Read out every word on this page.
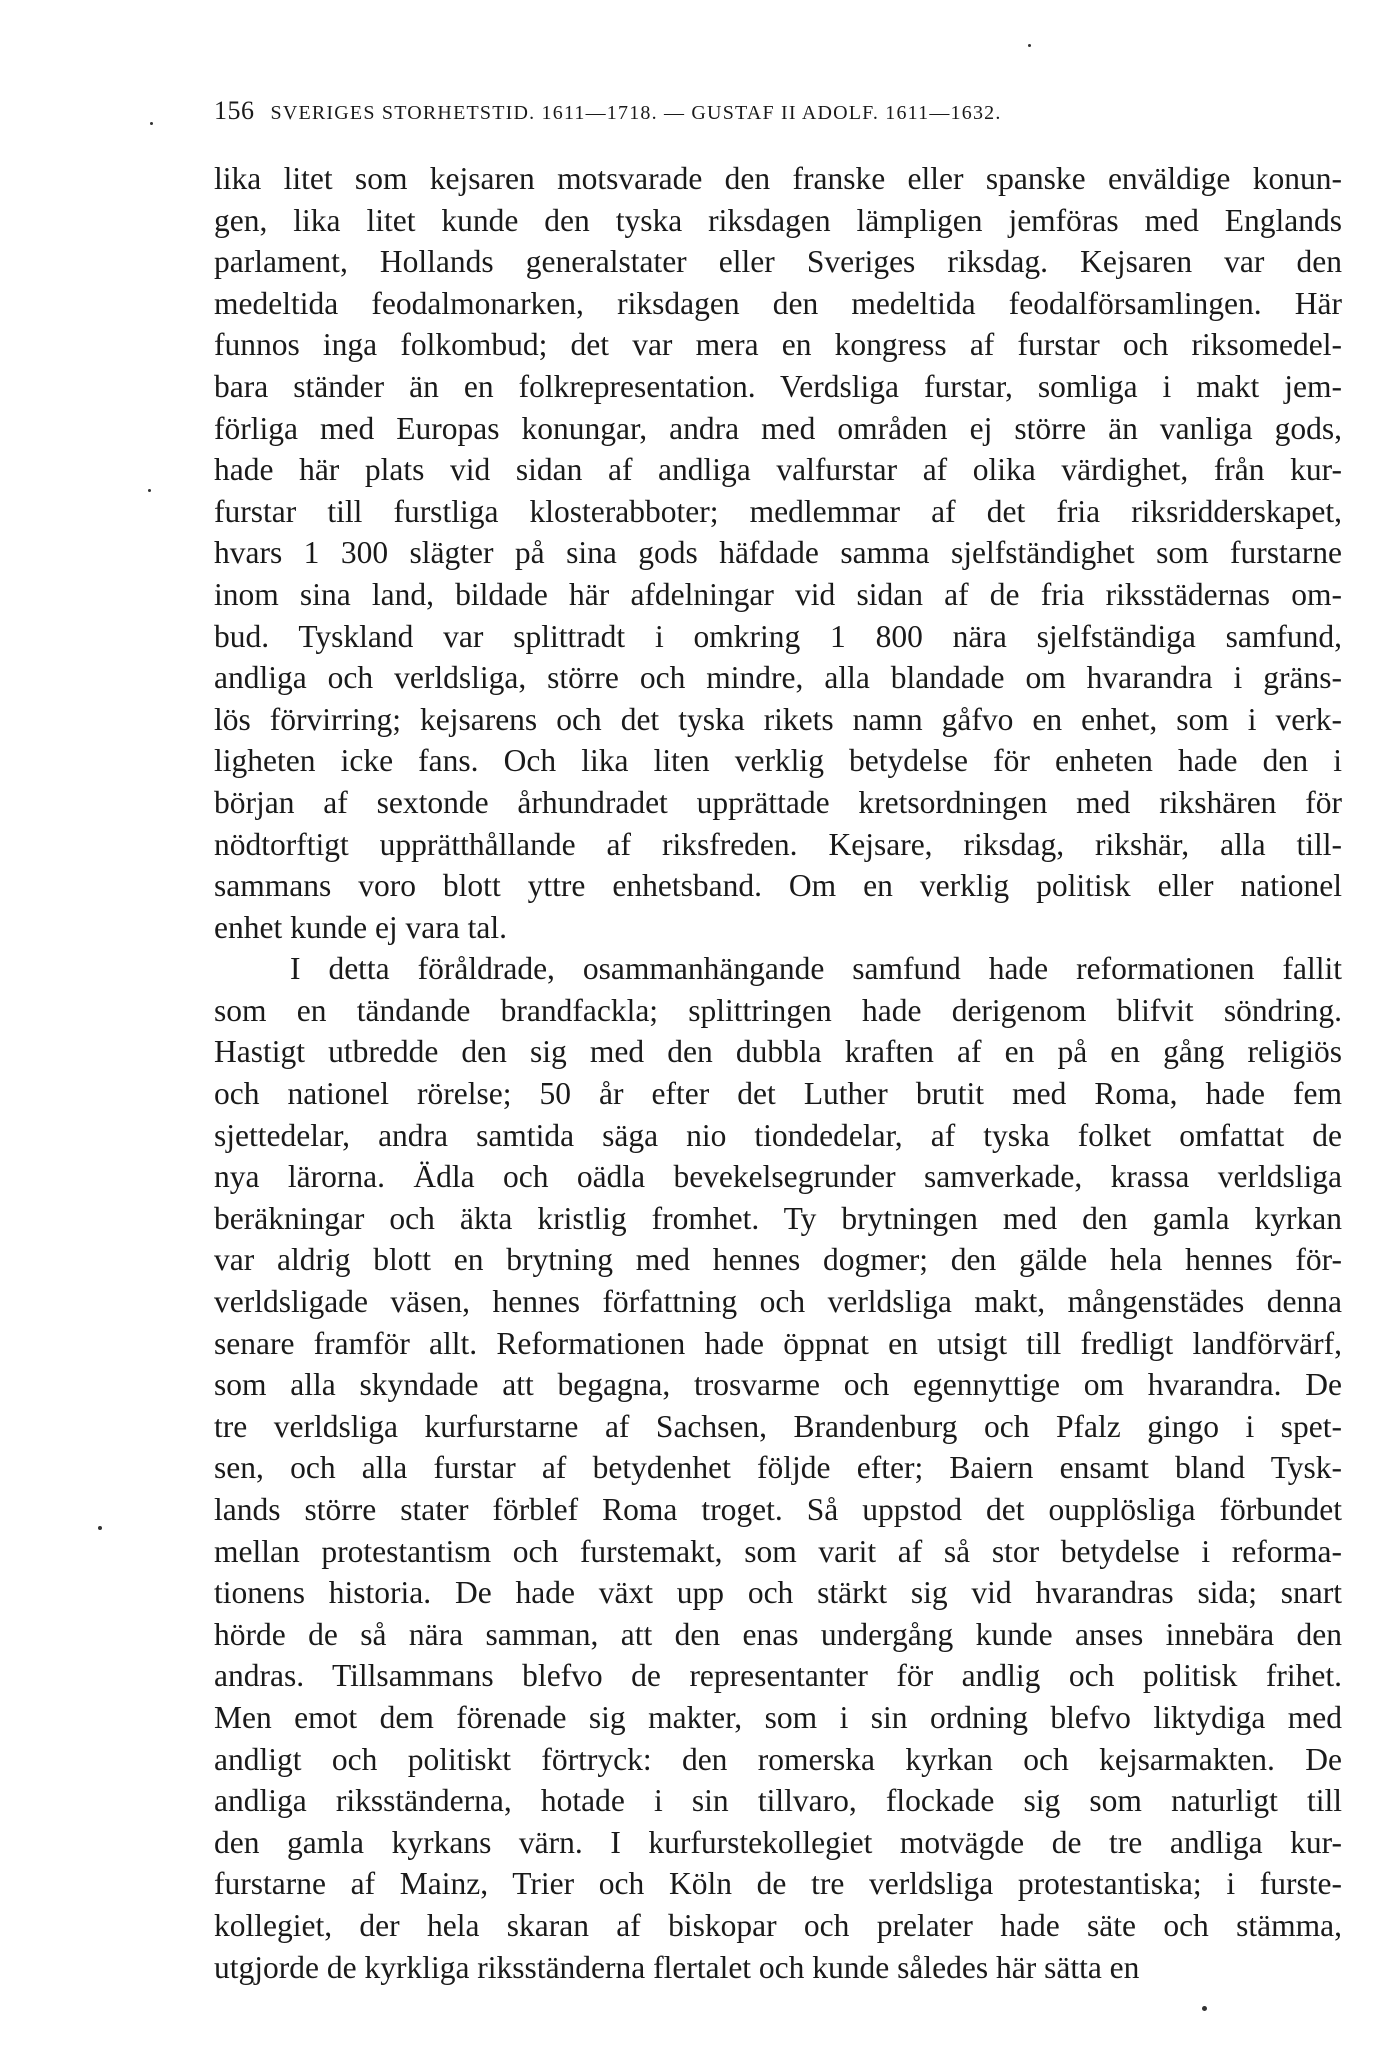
156 SVERIGES STORHETSTID. 1611—1718. — GUSTAF II ADOLF. 1611—1632.
lika litet som kejsaren motsvarade den franske eller spanske enväldige konun-
gen, lika litet kunde den tyska riksdagen lämpligen jemföras med Englands
parlament, Hollands generalstater eller Sveriges riksdag. Kejsaren var den
medeltida feodalmonarken, riksdagen den medeltida feodalförsamlingen. Här
funnos inga folkombud; det var mera en kongress af furstar och riksomedel-
bara ständer än en folkrepresentation. Verdsliga furstar, somliga i makt jem-
förliga med Europas konungar, andra med områden ej större än vanliga gods,
hade här plats vid sidan af andliga valfurstar af olika värdighet, från kur-
furstar till furstliga klosterabboter; medlemmar af det fria riksridderskapet,
hvars 1 300 slägter på sina gods häfdade samma sjelfständighet som furstarne
inom sina land, bildade här afdelningar vid sidan af de fria riksstädernas om-
bud. Tyskland var splittradt i omkring 1 800 nära sjelfständiga samfund,
andliga och verldsliga, större och mindre, alla blandade om hvarandra i gräns-
lös förvirring; kejsarens och det tyska rikets namn gåfvo en enhet, som i verk-
ligheten icke fans. Och lika liten verklig betydelse för enheten hade den i
början af sextonde århundradet upprättade kretsordningen med rikshären för
nödtorftigt upprätthållande af riksfreden. Kejsare, riksdag, rikshär, alla till-
sammans voro blott yttre enhetsband. Om en verklig politisk eller nationel
enhet kunde ej vara tal.
I detta föråldrade, osammanhängande samfund hade reformationen fallit
som en tändande brandfackla; splittringen hade derigenom blifvit söndring.
Hastigt utbredde den sig med den dubbla kraften af en på en gång religiös
och nationel rörelse; 50 år efter det Luther brutit med Roma, hade fem
sjettedelar, andra samtida säga nio tiondedelar, af tyska folket omfattat de
nya lärorna. Ädla och oädla bevekelsegrunder samverkade, krassa verldsliga
beräkningar och äkta kristlig fromhet. Ty brytningen med den gamla kyrkan
var aldrig blott en brytning med hennes dogmer; den gälde hela hennes för-
verldsligade väsen, hennes författning och verldsliga makt, mångenstädes denna
senare framför allt. Reformationen hade öppnat en utsigt till fredligt landförvärf,
som alla skyndade att begagna, trosvarme och egennyttige om hvarandra. De
tre verldsliga kurfurstarne af Sachsen, Brandenburg och Pfalz gingo i spet-
sen, och alla furstar af betydenhet följde efter; Baiern ensamt bland Tysk-
lands större stater förblef Roma troget. Så uppstod det oupplösliga förbundet
mellan protestantism och furstemakt, som varit af så stor betydelse i reforma-
tionens historia. De hade växt upp och stärkt sig vid hvarandras sida; snart
hörde de så nära samman, att den enas undergång kunde anses innebära den
andras. Tillsammans blefvo de representanter för andlig och politisk frihet.
Men emot dem förenade sig makter, som i sin ordning blefvo liktydiga med
andligt och politiskt förtryck: den romerska kyrkan och kejsarmakten. De
andliga riksständerna, hotade i sin tillvaro, flockade sig som naturligt till
den gamla kyrkans värn. I kurfurstekollegiet motvägde de tre andliga kur-
furstarne af Mainz, Trier och Köln de tre verldsliga protestantiska; i furste-
kollegiet, der hela skaran af biskopar och prelater hade säte och stämma,
utgjorde de kyrkliga riksständerna flertalet och kunde således här sätta en
